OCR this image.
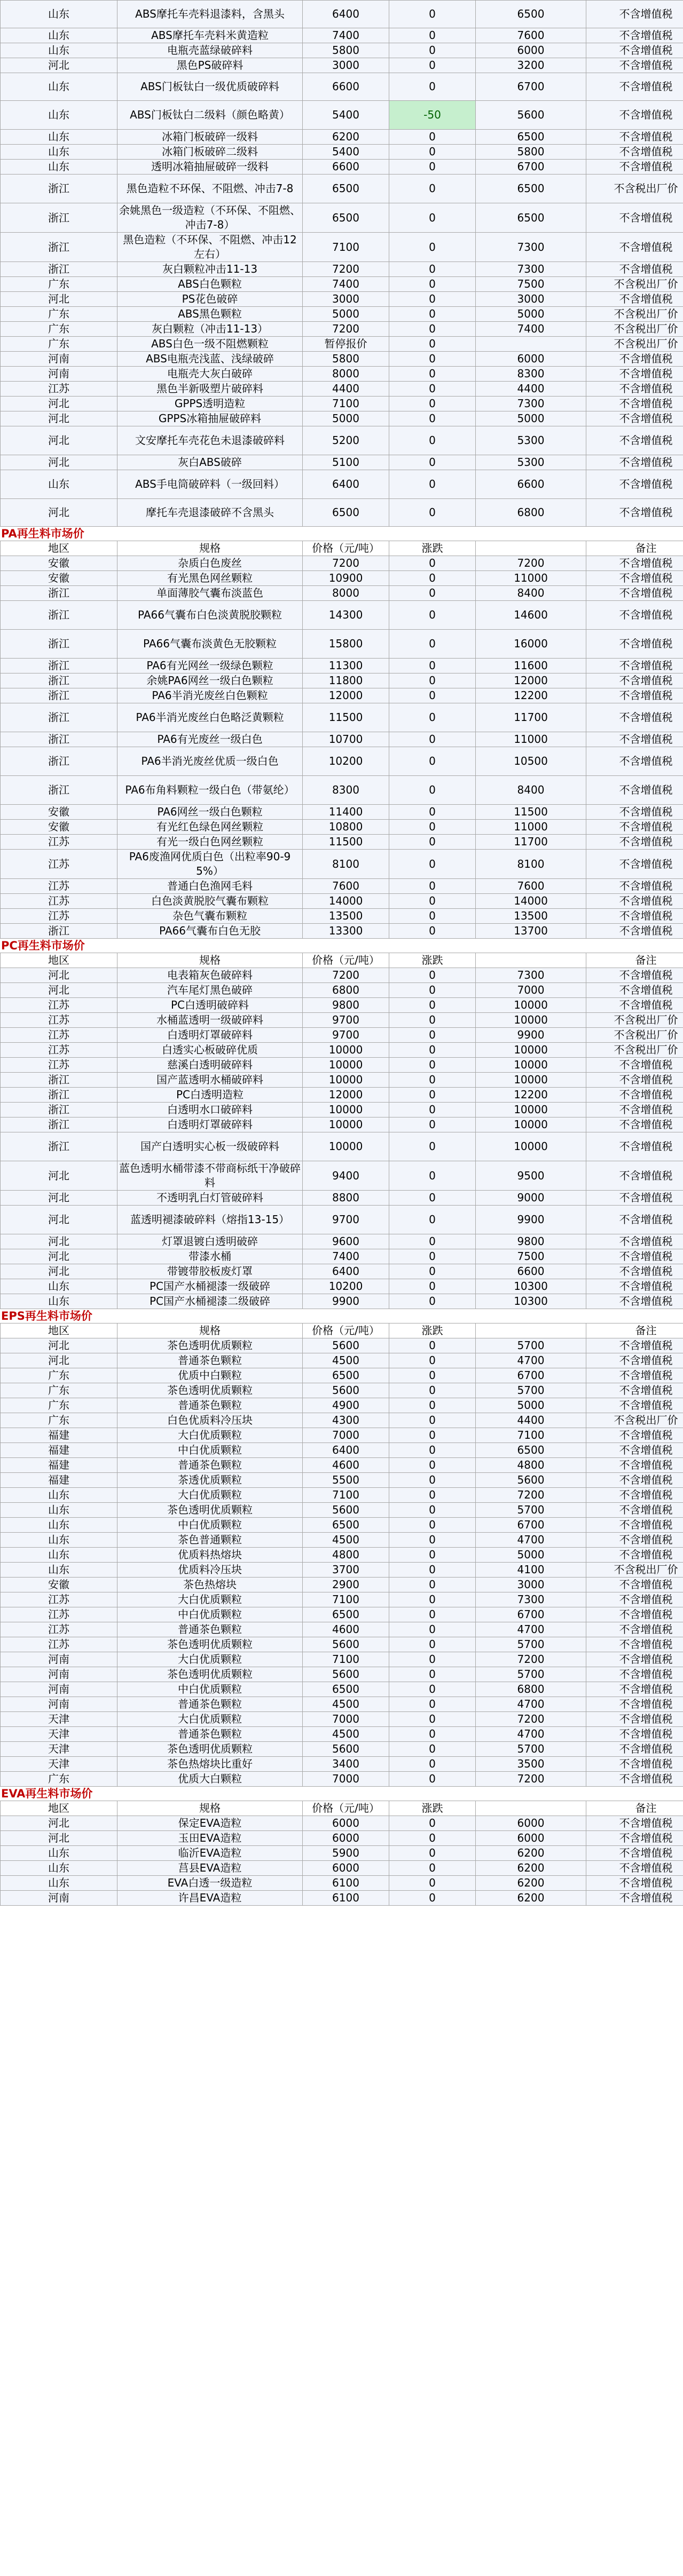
山东	ABS摩托车壳料退漆料，含黑头	6400	0	6500	不含增值税
山东	ABS摩托车壳料米黄造粒	7400	0	7600	不含增值税
山东	电瓶壳蓝绿破碎料	5800	0	6000	不含增值税
河北	黑色PS破碎料	3000	0	3200	不含增值税
山东	ABS门板钛白一级优质破碎料	6600	0	6700	不含增值税
山东	ABS门板钛白二级料（颜色略黄）	5400	-50	5600	不含增值税
山东	冰箱门板破碎一级料	6200	0	6500	不含增值税
山东	冰箱门板破碎二级料	5400	0	5800	不含增值税
山东	透明冰箱抽屉破碎一级料	6600	0	6700	不含增值税
浙江	黑色造粒不环保、不阻燃、冲击7-8	6500	0	6500	不含税出厂价
浙江	余姚黑色一级造粒（不环保、不阻燃、冲击7-8）	6500	0	6500	不含增值税
浙江	黑色造粒（不环保、不阻燃、冲击12左右）	7100	0	7300	不含增值税
浙江	灰白颗粒冲击11-13	7200	0	7300	不含增值税
广东	ABS白色颗粒	7400	0	7500	不含税出厂价
河北	PS花色破碎	3000	0	3000	不含增值税
广东	ABS黑色颗粒	5000	0	5000	不含税出厂价
广东	灰白颗粒（冲击11-13）	7200	0	7400	不含税出厂价
广东	ABS白色一级不阻燃颗粒	暂停报价	0		不含税出厂价
河南	ABS电瓶壳浅蓝、浅绿破碎	5800	0	6000	不含增值税
河南	电瓶壳大灰白破碎	8000	0	8300	不含增值税
江苏	黑色半新吸塑片破碎料	4400	0	4400	不含增值税
河北	GPPS透明造粒	7100	0	7300	不含增值税
河北	GPPS冰箱抽屉破碎料	5000	0	5000	不含增值税
河北	文安摩托车壳花色未退漆破碎料	5200	0	5300	不含增值税
河北	灰白ABS破碎	5100	0	5300	不含增值税
山东	ABS手电筒破碎料（一级回料）	6400	0	6600	不含增值税
河北	摩托车壳退漆破碎不含黑头	6500	0	6800	不含增值税
PA再生料市场价
地区	规格	价格（元/吨）	涨跌		备注
安徽	杂质白色废丝	7200	0	7200	不含增值税
安徽	有光黑色网丝颗粒	10900	0	11000	不含增值税
浙江	单面薄胶气囊布淡蓝色	8000	0	8400	不含增值税
浙江	PA66气囊布白色淡黄脱胶颗粒	14300	0	14600	不含增值税
浙江	PA66气囊布淡黄色无胶颗粒	15800	0	16000	不含增值税
浙江	PA6有光网丝一级绿色颗粒	11300	0	11600	不含增值税
浙江	余姚PA6网丝一级白色颗粒	11800	0	12000	不含增值税
浙江	PA6半消光废丝白色颗粒	12000	0	12200	不含增值税
浙江	PA6半消光废丝白色略泛黄颗粒	11500	0	11700	不含增值税
浙江	PA6有光废丝一级白色	10700	0	11000	不含增值税
浙江	PA6半消光废丝优质一级白色	10200	0	10500	不含增值税
浙江	PA6布角料颗粒一级白色（带氨纶）	8300	0	8400	不含增值税
安徽	PA6网丝一级白色颗粒	11400	0	11500	不含增值税
安徽	有光红色绿色网丝颗粒	10800	0	11000	不含增值税
江苏	有光一级白色网丝颗粒	11500	0	11700	不含增值税
江苏	PA6废渔网优质白色（出粒率90-95%）	8100	0	8100	不含增值税
江苏	普通白色渔网毛料	7600	0	7600	不含增值税
江苏	白色淡黄脱胶气囊布颗粒	14000	0	14000	不含增值税
江苏	杂色气囊布颗粒	13500	0	13500	不含增值税
浙江	PA66气囊布白色无胶	13300	0	13700	不含增值税
PC再生料市场价
地区	规格	价格（元/吨）	涨跌		备注
河北	电表箱灰色破碎料	7200	0	7300	不含增值税
河北	汽车尾灯黑色破碎	6800	0	7000	不含增值税
江苏	PC白透明破碎料	9800	0	10000	不含增值税
江苏	水桶蓝透明一级破碎料	9700	0	10000	不含税出厂价
江苏	白透明灯罩破碎料	9700	0	9900	不含税出厂价
江苏	白透实心板破碎优质	10000	0	10000	不含税出厂价
江苏	慈溪白透明破碎料	10000	0	10000	不含增值税
浙江	国产蓝透明水桶破碎料	10000	0	10000	不含增值税
浙江	PC白透明造粒	12000	0	12200	不含增值税
浙江	白透明水口破碎料	10000	0	10000	不含增值税
浙江	白透明灯罩破碎料	10000	0	10000	不含增值税
浙江	国产白透明实心板一级破碎料	10000	0	10000	不含增值税
河北	蓝色透明水桶带漆不带商标纸干净破碎料	9400	0	9500	不含增值税
河北	不透明乳白灯管破碎料	8800	0	9000	不含增值税
河北	蓝透明褪漆破碎料（熔指13-15）	9700	0	9900	不含增值税
河北	灯罩退镀白透明破碎	9600	0	9800	不含增值税
河北	带漆水桶	7400	0	7500	不含增值税
河北	带镀带胶板废灯罩	6400	0	6600	不含增值税
山东	PC国产水桶褪漆一级破碎	10200	0	10300	不含增值税
山东	PC国产水桶褪漆二级破碎	9900	0	10300	不含增值税
EPS再生料市场价
地区	规格	价格（元/吨）	涨跌		备注
河北	茶色透明优质颗粒	5600	0	5700	不含增值税
河北	普通茶色颗粒	4500	0	4700	不含增值税
广东	优质中白颗粒	6500	0	6700	不含增值税
广东	茶色透明优质颗粒	5600	0	5700	不含增值税
广东	普通茶色颗粒	4900	0	5000	不含增值税
广东	白色优质料冷压块	4300	0	4400	不含税出厂价
福建	大白优质颗粒	7000	0	7100	不含增值税
福建	中白优质颗粒	6400	0	6500	不含增值税
福建	普通茶色颗粒	4600	0	4800	不含增值税
福建	茶透优质颗粒	5500	0	5600	不含增值税
山东	大白优质颗粒	7100	0	7200	不含增值税
山东	茶色透明优质颗粒	5600	0	5700	不含增值税
山东	中白优质颗粒	6500	0	6700	不含增值税
山东	茶色普通颗粒	4500	0	4700	不含增值税
山东	优质料热熔块	4800	0	5000	不含增值税
山东	优质料冷压块	3700	0	4100	不含税出厂价
安徽	茶色热熔块	2900	0	3000	不含增值税
江苏	大白优质颗粒	7100	0	7300	不含增值税
江苏	中白优质颗粒	6500	0	6700	不含增值税
江苏	普通茶色颗粒	4600	0	4700	不含增值税
江苏	茶色透明优质颗粒	5600	0	5700	不含增值税
河南	大白优质颗粒	7100	0	7200	不含增值税
河南	茶色透明优质颗粒	5600	0	5700	不含增值税
河南	中白优质颗粒	6500	0	6800	不含增值税
河南	普通茶色颗粒	4500	0	4700	不含增值税
天津	大白优质颗粒	7000	0	7200	不含增值税
天津	普通茶色颗粒	4500	0	4700	不含增值税
天津	茶色透明优质颗粒	5600	0	5700	不含增值税
天津	茶色热熔块比重好	3400	0	3500	不含增值税
广东	优质大白颗粒	7000	0	7200	不含增值税
EVA再生料市场价
地区	规格	价格（元/吨）	涨跌		备注
河北	保定EVA造粒	6000	0	6000	不含增值税
河北	玉田EVA造粒	6000	0	6000	不含增值税
山东	临沂EVA造粒	5900	0	6200	不含增值税
山东	莒县EVA造粒	6000	0	6200	不含增值税
山东	EVA白透一级造粒	6100	0	6200	不含增值税
河南	许昌EVA造粒	6100	0	6200	不含增值税
